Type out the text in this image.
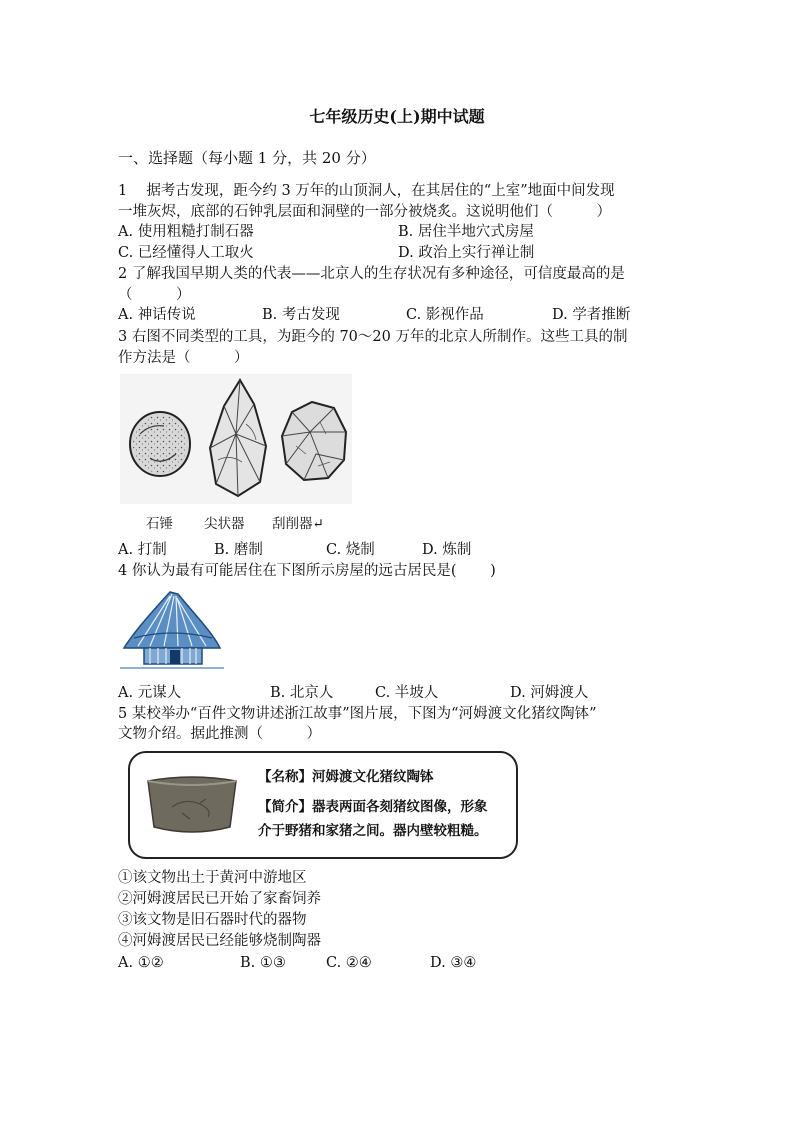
七年级历史(上)期中试题
一、选择题（每小题 1 分，共 20 分）
1　 据考古发现，距今约 3 万年的山顶洞人，在其居住的“上室”地面中间发现
一堆灰烬，底部的石钟乳层面和洞壁的一部分被烧炙。这说明他们（　　　）
A. 使用粗糙打制石器	B. 居住半地穴式房屋
C. 已经懂得人工取火	D. 政治上实行禅让制
2 了解我国早期人类的代表——北京人的生存状况有多种途径，可信度最高的是
（　　　）
A. 神话传说	B. 考古发现	C. 影视作品	D. 学者推断
3 右图不同类型的工具，为距今的 70～20 万年的北京人所制作。这些工具的制
作方法是（　　　）
石锤 尖状器 刮削器↵
A. 打制	B. 磨制	C. 烧制	D. 炼制
4 你认为最有可能居住在下图所示房屋的远古居民是(　　 )
A. 元谋人	B. 北京人	C. 半坡人	D. 河姆渡人
5 某校举办“百件文物讲述浙江故事”图片展，下图为“河姆渡文化猪纹陶钵”
文物介绍。据此推测（　　　）
【名称】河姆渡文化猪纹陶钵
【简介】器表两面各刻猪纹图像，形象
介于野猪和家猪之间。器内壁较粗糙。
①该文物出土于黄河中游地区
②河姆渡居民已开始了家畜饲养
③该文物是旧石器时代的器物
④河姆渡居民已经能够烧制陶器
A. ①②	B. ①③	C. ②④	D. ③④
